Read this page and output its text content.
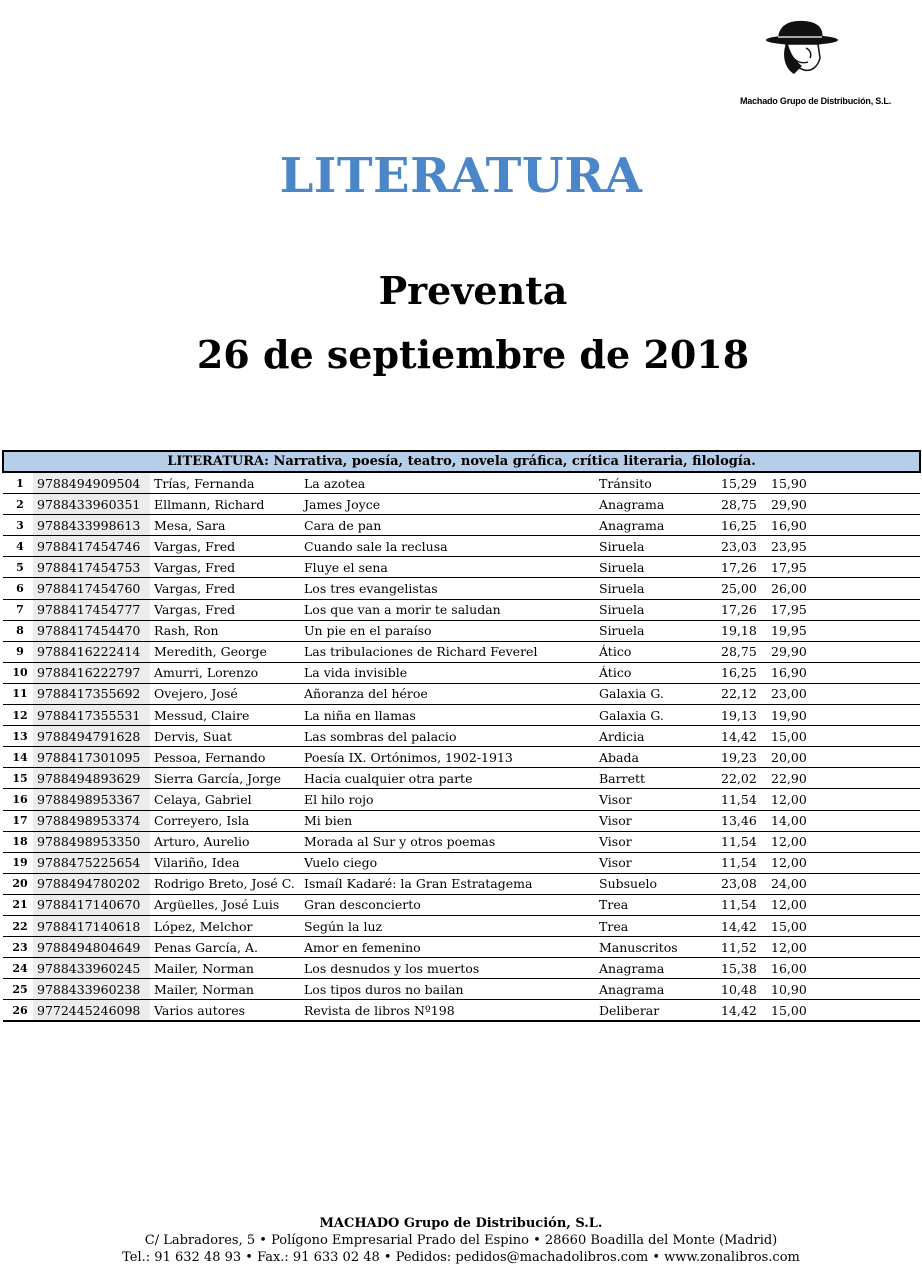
Machado Grupo de Distribución, S.L.
LITERATURA
Preventa
26 de septiembre de 2018
LITERATURA: Narrativa, poesía, teatro, novela gráfica, crítica literaria, filología.						
1	9788494909504	Trías, Fernanda	La azotea	Tránsito	15,29	15,90
2	9788433960351	Ellmann, Richard	James Joyce	Anagrama	28,75	29,90
3	9788433998613	Mesa, Sara	Cara de pan	Anagrama	16,25	16,90
4	9788417454746	Vargas, Fred	Cuando sale la reclusa	Siruela	23,03	23,95
5	9788417454753	Vargas, Fred	Fluye el sena	Siruela	17,26	17,95
6	9788417454760	Vargas, Fred	Los tres evangelistas	Siruela	25,00	26,00
7	9788417454777	Vargas, Fred	Los que van a morir te saludan	Siruela	17,26	17,95
8	9788417454470	Rash, Ron	Un pie en el paraíso	Siruela	19,18	19,95
9	9788416222414	Meredith, George	Las tribulaciones de Richard Feverel	Ático	28,75	29,90
10	9788416222797	Amurri, Lorenzo	La vida invisible	Ático	16,25	16,90
11	9788417355692	Ovejero, José	Añoranza del héroe	Galaxia G.	22,12	23,00
12	9788417355531	Messud, Claire	La niña en llamas	Galaxia G.	19,13	19,90
13	9788494791628	Dervis, Suat	Las sombras del palacio	Ardicia	14,42	15,00
14	9788417301095	Pessoa, Fernando	Poesía IX. Ortónimos, 1902-1913	Abada	19,23	20,00
15	9788494893629	Sierra García, Jorge	Hacia cualquier otra parte	Barrett	22,02	22,90
16	9788498953367	Celaya, Gabriel	El hilo rojo	Visor	11,54	12,00
17	9788498953374	Correyero, Isla	Mi bien	Visor	13,46	14,00
18	9788498953350	Arturo, Aurelio	Morada al Sur y otros poemas	Visor	11,54	12,00
19	9788475225654	Vilariño, Idea	Vuelo ciego	Visor	11,54	12,00
20	9788494780202	Rodrigo Breto, José C.	Ismaíl Kadaré: la Gran Estratagema	Subsuelo	23,08	24,00
21	9788417140670	Argüelles, José Luis	Gran desconcierto	Trea	11,54	12,00
22	9788417140618	López, Melchor	Según la luz	Trea	14,42	15,00
23	9788494804649	Penas García, A.	Amor en femenino	Manuscritos	11,52	12,00
24	9788433960245	Mailer, Norman	Los desnudos y los muertos	Anagrama	15,38	16,00
25	9788433960238	Mailer, Norman	Los tipos duros no bailan	Anagrama	10,48	10,90
26	9772445246098	Varios autores	Revista de libros Nº198	Deliberar	14,42	15,00
MACHADO Grupo de Distribución, S.L.
C/ Labradores, 5 • Polígono Empresarial Prado del Espino • 28660 Boadilla del Monte (Madrid)
Tel.: 91 632 48 93 • Fax.: 91 633 02 48 • Pedidos: pedidos@machadolibros.com • www.zonalibros.com
